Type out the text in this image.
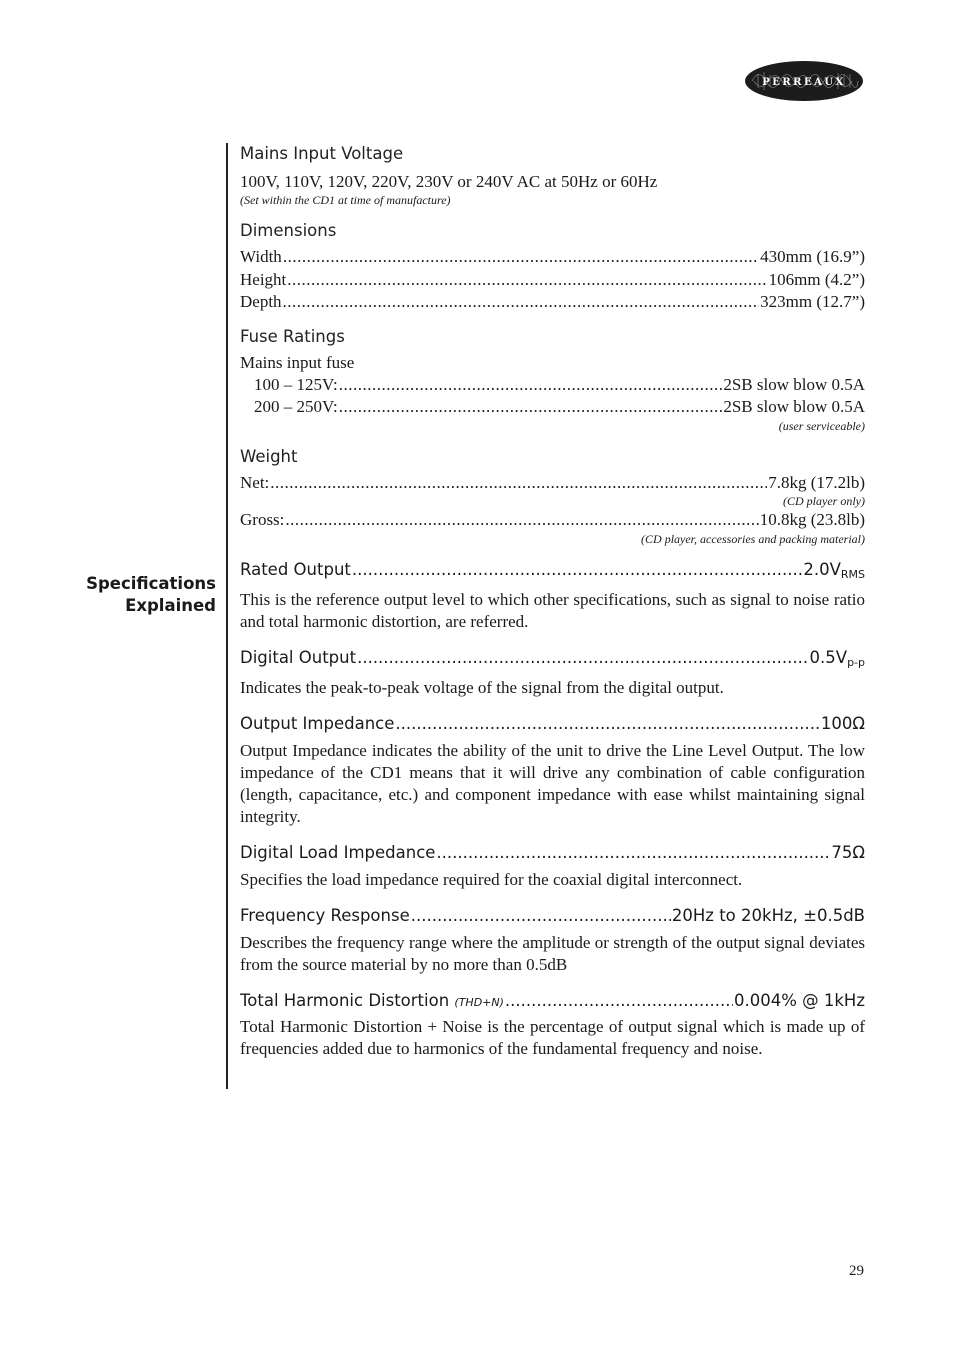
PERREAUX
Specifications
Explained

Mains Input Voltage

100V, 110V, 120V, 220V, 230V or 240V AC at 50Hz or 60Hz

(Set within the CD1 at time of manufacture)

Dimensions

Width .....	430mm (16.9”)
Height .....	106mm (4.2”)
Depth .....	323mm (12.7”)

Fuse Ratings

Mains input fuse

100 – 125V: .....	2SB slow blow 0.5A
200 – 250V: .....	2SB slow blow 0.5A

(user serviceable)

Weight

Net: .....	7.8kg (17.2lb)

(CD player only)

Gross: .....	10.8kg (23.8lb)

(CD player, accessories and packing material)

Rated Output .....	$2.0V_{RMS}$

This is the reference output level to which other specifications, such as signal to noise ratio and total harmonic distortion, are referred.

Digital Output .....	$0.5V_{p-p}$

Indicates the peak-to-peak voltage of the signal from the digital output.

Output Impedance .....	100Ω

Output Impedance indicates the ability of the unit to drive the Line Level Output. The low impedance of the CD1 means that it will drive any combination of cable configuration (length, capacitance, etc.) and component impedance with ease whilst maintaining signal integrity.

Digital Load Impedance .....	75Ω

Specifies the load impedance required for the coaxial digital interconnect.

Frequency Response .....	20Hz to 20kHz, ±0.5dB

Describes the frequency range where the amplitude or strength of the output signal deviates from the source material by no more than 0.5dB

Total Harmonic Distortion (THD+N) .....	0.004% @ 1kHz

Total Harmonic Distortion + Noise is the percentage of output signal which is made up of frequencies added due to harmonics of the fundamental frequency and noise.

29
